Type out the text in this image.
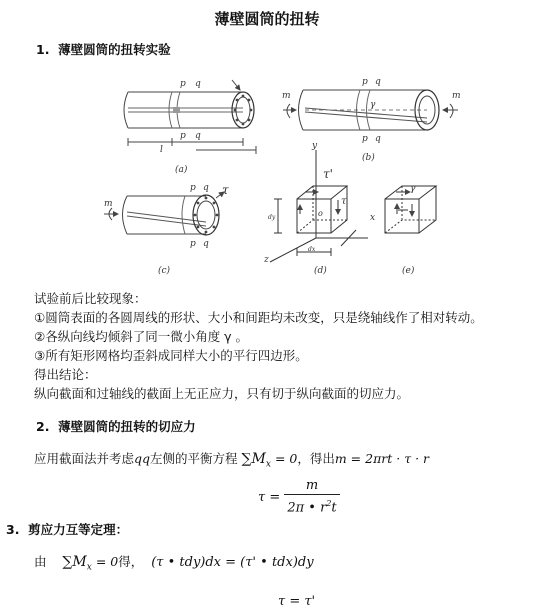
薄壁圆筒的扭转
1. 薄壁圆筒的扭转实验
p q
p q
l
(a)
m	m
p q
p q
γ
(b)
m
p q
p q
τ
(c)
y
x
z
o
τ'
τ
dy
dx
(d)
γ
(e)
试验前后比较现象：
①圆筒表面的各圆周线的形状、大小和间距均未改变，只是绕轴线作了相对转动。
②各纵向线均倾斜了同一微小角度 γ 。
③所有矩形网格均歪斜成同样大小的平行四边形。
得出结论：
纵向截面和过轴线的截面上无正应力，只有切于纵向截面的切应力。
2. 薄壁圆筒的扭转的切应力
应用截面法并考虑qq左侧的平衡方程 $\sum M_x = 0$，得出m = 2πrt · τ · r
τ =
m
2π • $r^2t$
3. 剪应力互等定理：
由 $\sum M_x = 0$得， (τ • tdy)dx = (τ' • tdx)dy
τ = τ'
